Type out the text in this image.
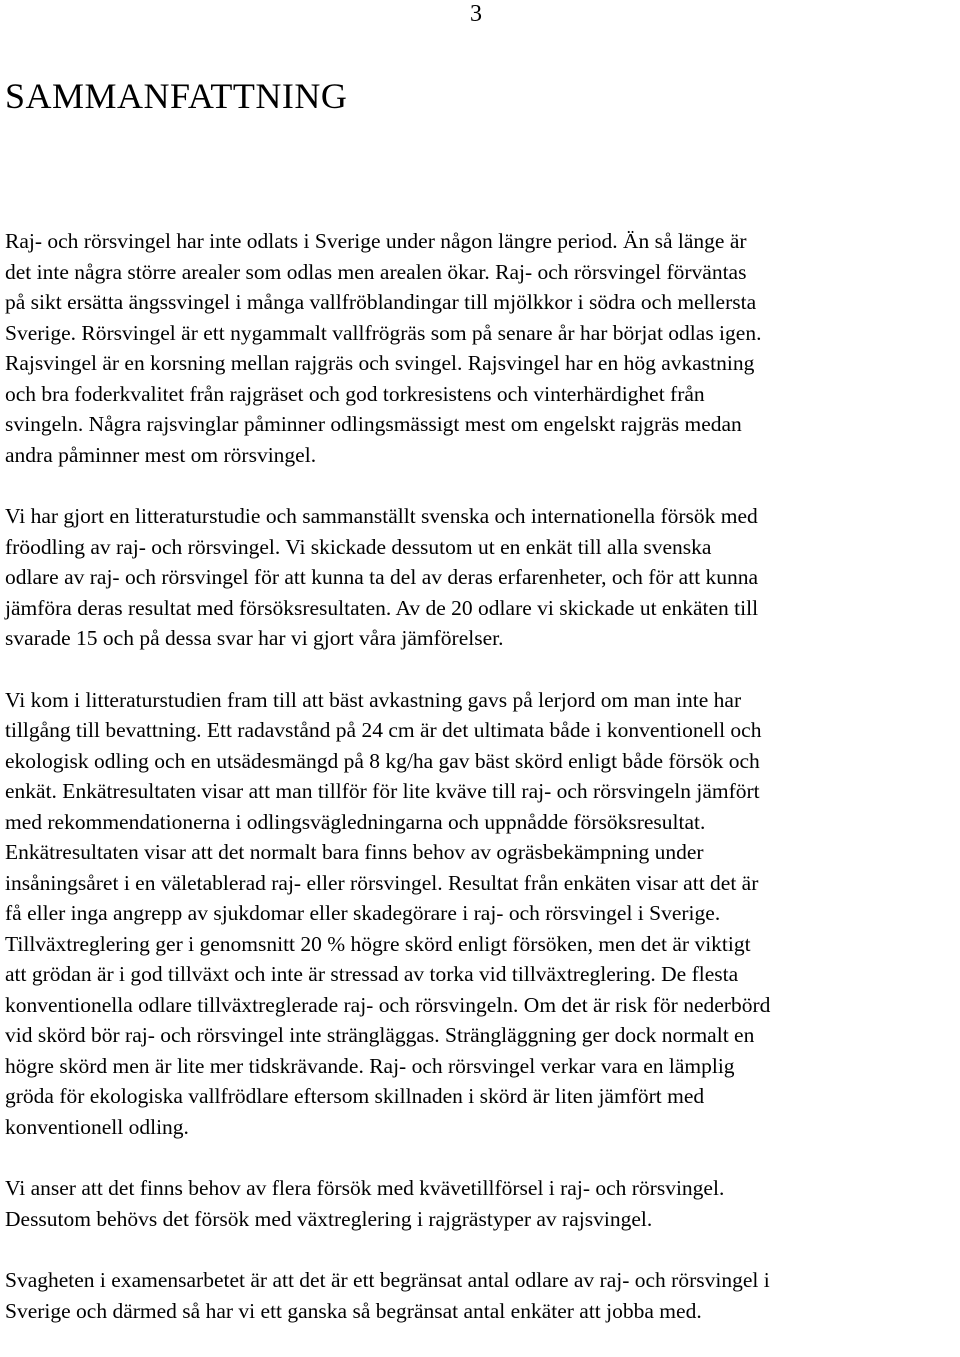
3
SAMMANFATTNING

Raj- och rörsvingel har inte odlats i Sverige under någon längre period. Än så länge är
det inte några större arealer som odlas men arealen ökar. Raj- och rörsvingel förväntas
på sikt ersätta ängssvingel i många vallfröblandingar till mjölkkor i södra och mellersta
Sverige. Rörsvingel är ett nygammalt vallfrögräs som på senare år har börjat odlas igen.
Rajsvingel är en korsning mellan rajgräs och svingel. Rajsvingel har en hög avkastning
och bra foderkvalitet från rajgräset och god torkresistens och vinterhärdighet från
svingeln. Några rajsvinglar påminner odlingsmässigt mest om engelskt rajgräs medan
andra påminner mest om rörsvingel.

Vi har gjort en litteraturstudie och sammanställt svenska och internationella försök med
fröodling av raj- och rörsvingel. Vi skickade dessutom ut en enkät till alla svenska
odlare av raj- och rörsvingel för att kunna ta del av deras erfarenheter, och för att kunna
jämföra deras resultat med försöksresultaten. Av de 20 odlare vi skickade ut enkäten till
svarade 15 och på dessa svar har vi gjort våra jämförelser.

Vi kom i litteraturstudien fram till att bäst avkastning gavs på lerjord om man inte har
tillgång till bevattning. Ett radavstånd på 24 cm är det ultimata både i konventionell och
ekologisk odling och en utsädesmängd på 8 kg/ha gav bäst skörd enligt både försök och
enkät. Enkätresultaten visar att man tillför för lite kväve till raj- och rörsvingeln jämfört
med rekommendationerna i odlingsvägledningarna och uppnådde försöksresultat.
Enkätresultaten visar att det normalt bara finns behov av ogräsbekämpning under
insåningsåret i en väletablerad raj- eller rörsvingel. Resultat från enkäten visar att det är
få eller inga angrepp av sjukdomar eller skadegörare i raj- och rörsvingel i Sverige.
Tillväxtreglering ger i genomsnitt 20 % högre skörd enligt försöken, men det är viktigt
att grödan är i god tillväxt och inte är stressad av torka vid tillväxtreglering. De flesta
konventionella odlare tillväxtreglerade raj- och rörsvingeln. Om det är risk för nederbörd
vid skörd bör raj- och rörsvingel inte strängläggas. Strängläggning ger dock normalt en
högre skörd men är lite mer tidskrävande. Raj- och rörsvingel verkar vara en lämplig
gröda för ekologiska vallfrödlare eftersom skillnaden i skörd är liten jämfört med
konventionell odling.

Vi anser att det finns behov av flera försök med kvävetillförsel i raj- och rörsvingel.
Dessutom behövs det försök med växtreglering i rajgrästyper av rajsvingel.

Svagheten i examensarbetet är att det är ett begränsat antal odlare av raj- och rörsvingel i
Sverige och därmed så har vi ett ganska så begränsat antal enkäter att jobba med.
